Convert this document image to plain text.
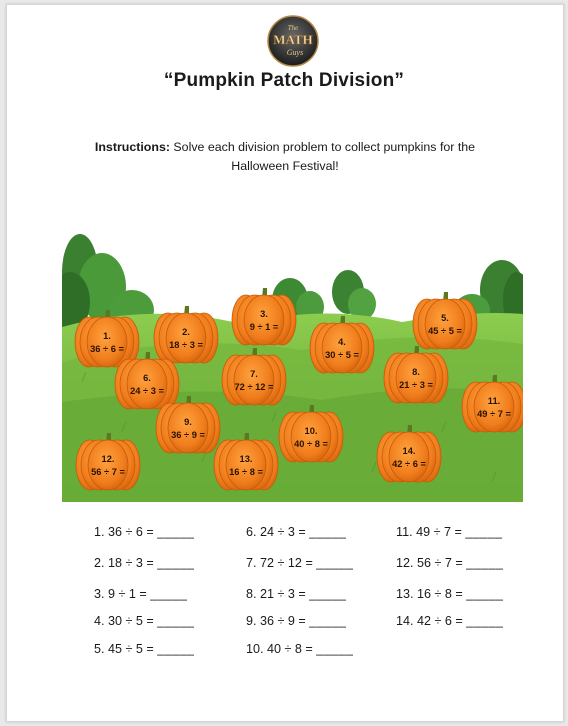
The
MATH
Guys
“Pumpkin Patch Division”
Instructions: Solve each division problem to collect pumpkins for the Halloween Festival!
1.
36 ÷ 6 =
2.
18 ÷ 3 =
3.
9 ÷ 1 =
4.
30 ÷ 5 =
5.
45 ÷ 5 =
6.
24 ÷ 3 =
7.
72 ÷ 12 =
8.
21 ÷ 3 =
9.
36 ÷ 9 =	10.
40 ÷ 8 =
11.
49 ÷ 7 =
12.
56 ÷ 7 =
13.
16 ÷ 8 =
14.
42 ÷ 6 =
1. 36 ÷ 6 = _____
2. 18 ÷ 3 = _____
3. 9 ÷ 1 = _____
4. 30 ÷ 5 = _____
5. 45 ÷ 5 = _____
6. 24 ÷ 3 = _____
7. 72 ÷ 12 = _____
8. 21 ÷ 3 = _____
9. 36 ÷ 9 = _____
10. 40 ÷ 8 = _____
11. 49 ÷ 7 = _____
12. 56 ÷ 7 = _____
13. 16 ÷ 8 = _____
14. 42 ÷ 6 = _____
